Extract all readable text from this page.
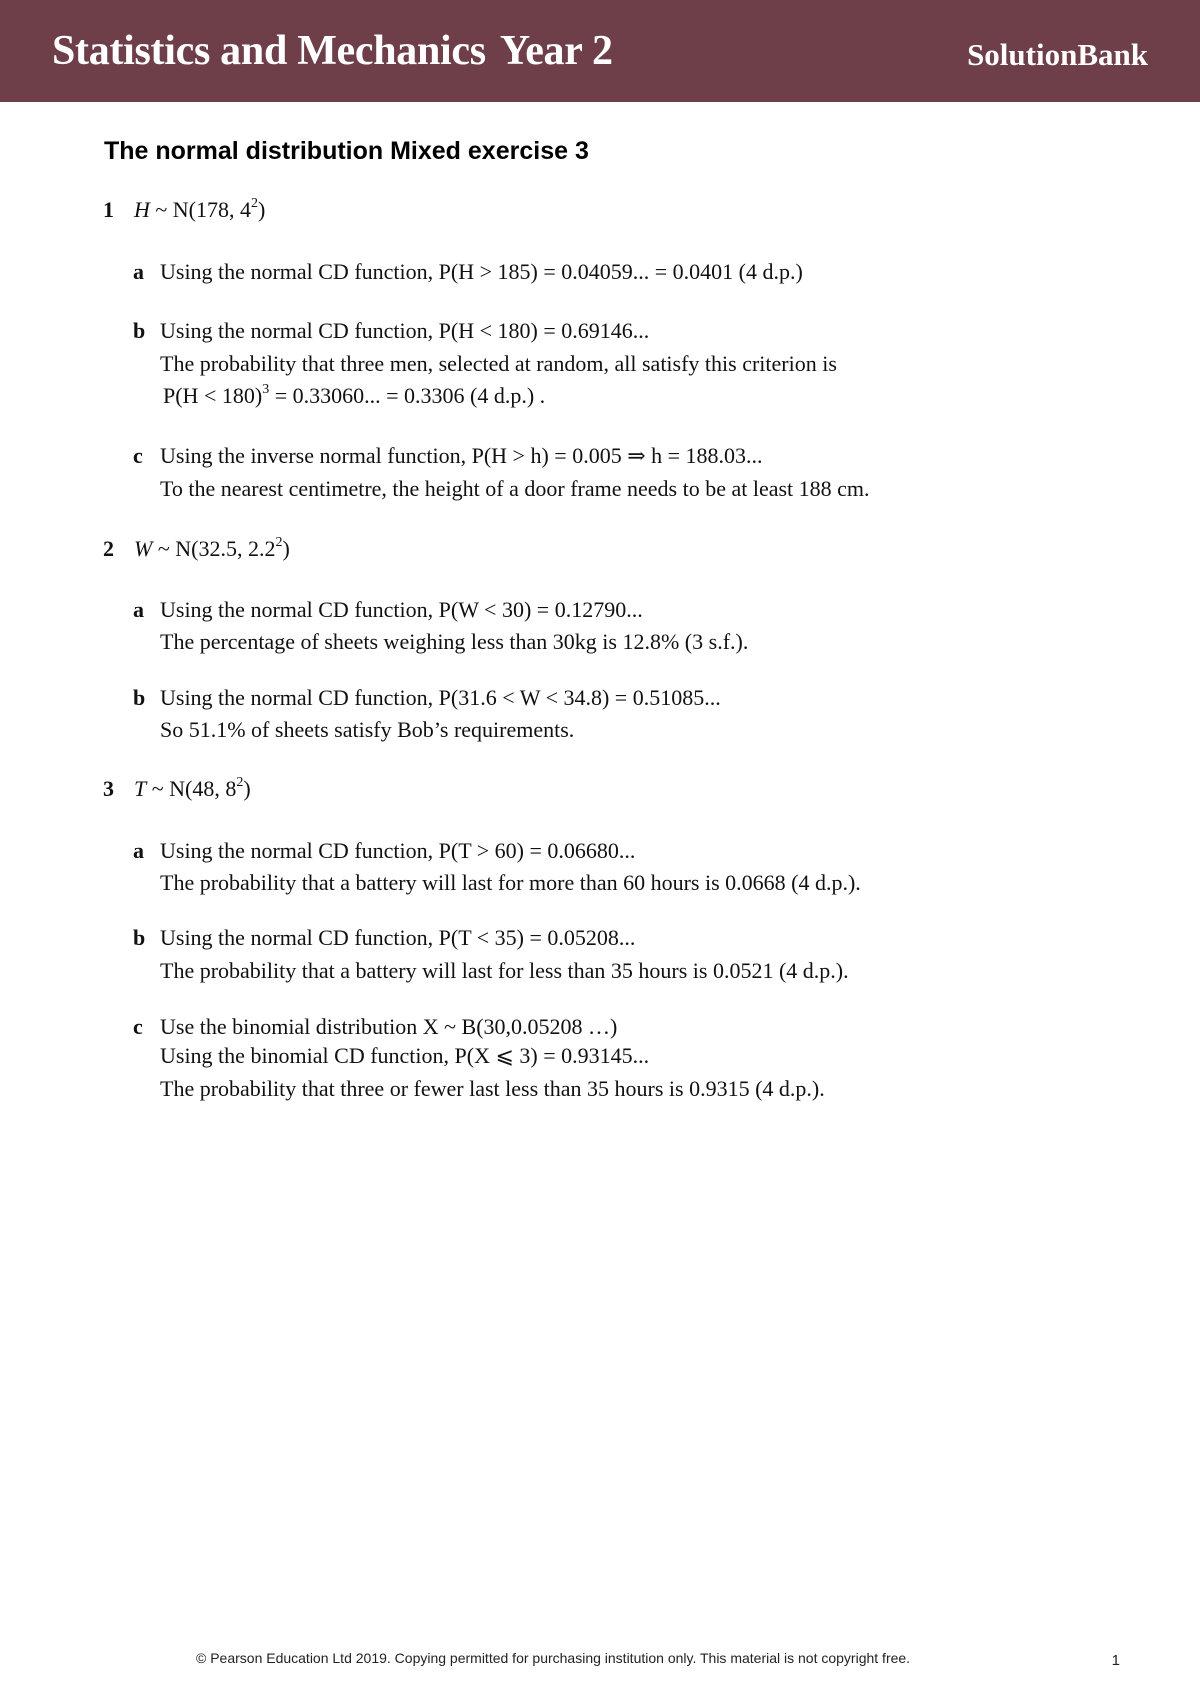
Statistics and Mechanics Year 2	SolutionBank
The normal distribution Mixed exercise 3
1 H ~ N(178, $4^2$)
a Using the normal CD function, P(H > 185) = 0.04059... = 0.0401 (4 d.p.)
b Using the normal CD function, P(H < 180) = 0.69146...
The probability that three men, selected at random, all satisfy this criterion is
P(H < 180)$^3$ = 0.33060... = 0.3306 (4 d.p.) .
c Using the inverse normal function, P(H > h) = 0.005 ⇒ h = 188.03...
To the nearest centimetre, the height of a door frame needs to be at least 188 cm.
2 W ~ N(32.5, $2.2^2$)
a Using the normal CD function, P(W < 30) = 0.12790...
The percentage of sheets weighing less than 30kg is 12.8% (3 s.f.).
b Using the normal CD function, P(31.6 < W < 34.8) = 0.51085...
So 51.1% of sheets satisfy Bob’s requirements.
3 T ~ N(48, $8^2$)
a Using the normal CD function, P(T > 60) = 0.06680...
The probability that a battery will last for more than 60 hours is 0.0668 (4 d.p.).
b Using the normal CD function, P(T < 35) = 0.05208...
The probability that a battery will last for less than 35 hours is 0.0521 (4 d.p.).
c Use the binomial distribution X ~ B(30,0.05208 …)
Using the binomial CD function, P(X ⩽ 3) = 0.93145...
The probability that three or fewer last less than 35 hours is 0.9315 (4 d.p.).
© Pearson Education Ltd 2019. Copying permitted for purchasing institution only. This material is not copyright free.	1
